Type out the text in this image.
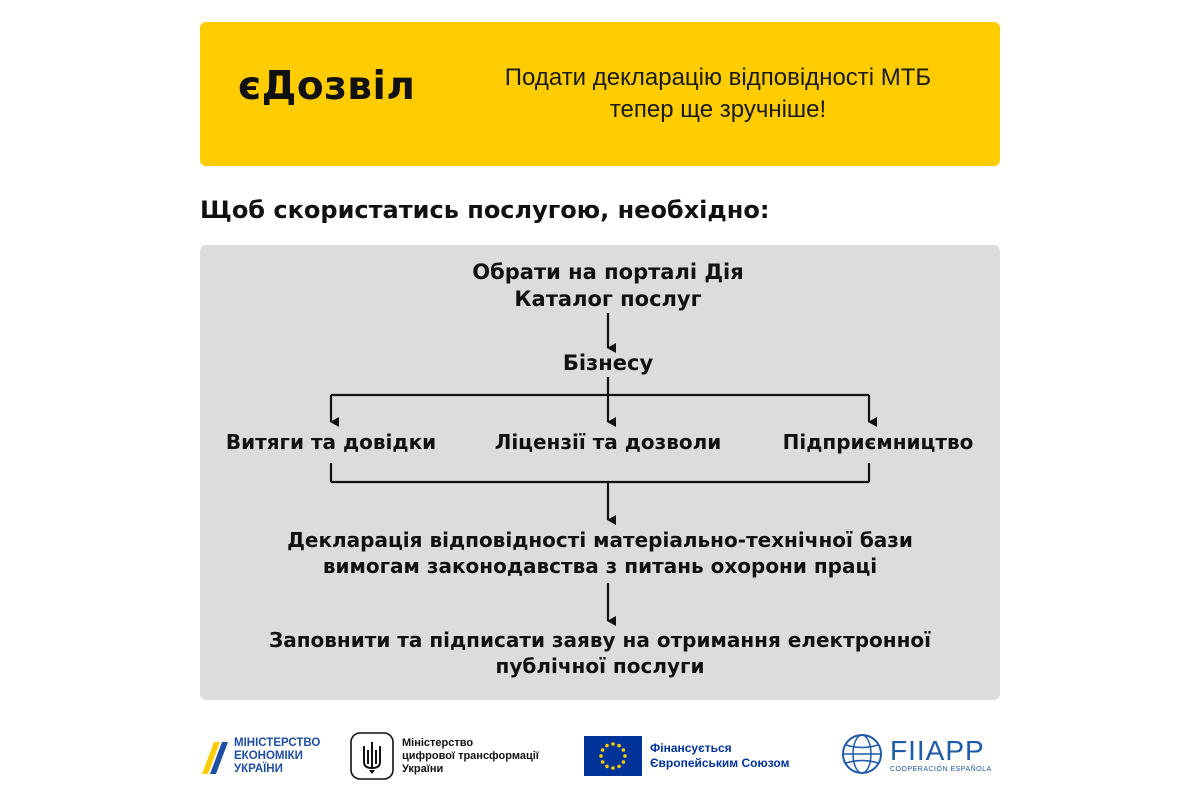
єДозвіл	Подати декларацію відповідності МТБ
тепер ще зручніше!
Щоб скористатись послугою, необхідно:
Обрати на порталі Дія
Каталог послуг
Бізнесу
Витяги та довідки	Ліцензії та дозволи	Підприємництво
Декларація відповідності матеріально-технічної бази
вимогам законодавства з питань охорони праці
Заповнити та підписати заяву на отримання електронної
публічної послуги
МІНІСТЕРСТВО
ЕКОНОМІКИ
УКРАЇНИ
Міністерство
цифрової трансформації
України
Фінансується
Європейським Союзом	FIIAPP
COOPERACIÓN ESPAÑOLA
